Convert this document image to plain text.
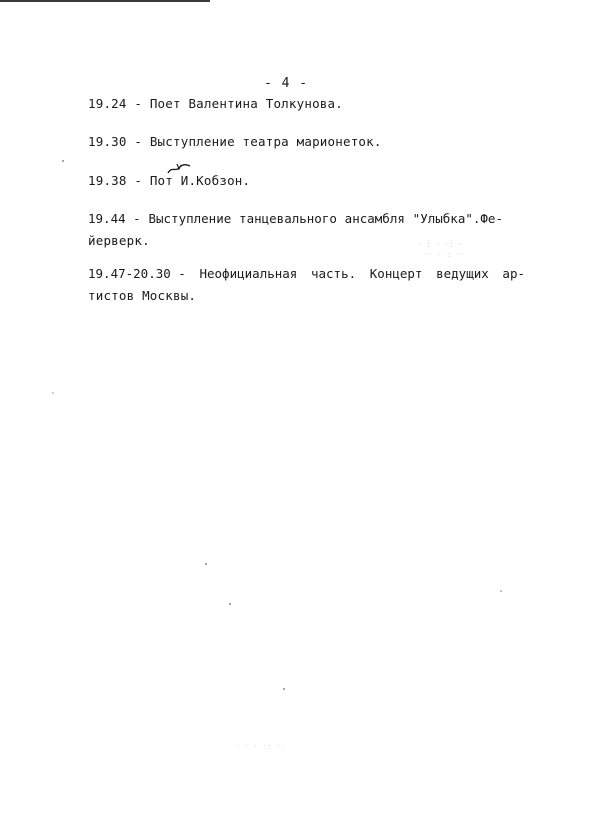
- 4 -
19.24 - Поет Валентина Толкунова.
19.30 - Выступление театра марионеток.
19.38 - Пот И.Кобзон.
19.44 - Выступление танцевального ансамбля "Улыбка".Фе-
йерверк.
19.47-20.30 - Неофициальная часть. Концерт ведущих ар-
тистов Москвы.
· : · ·: ·
·· · : ··
· · · ·: ··
